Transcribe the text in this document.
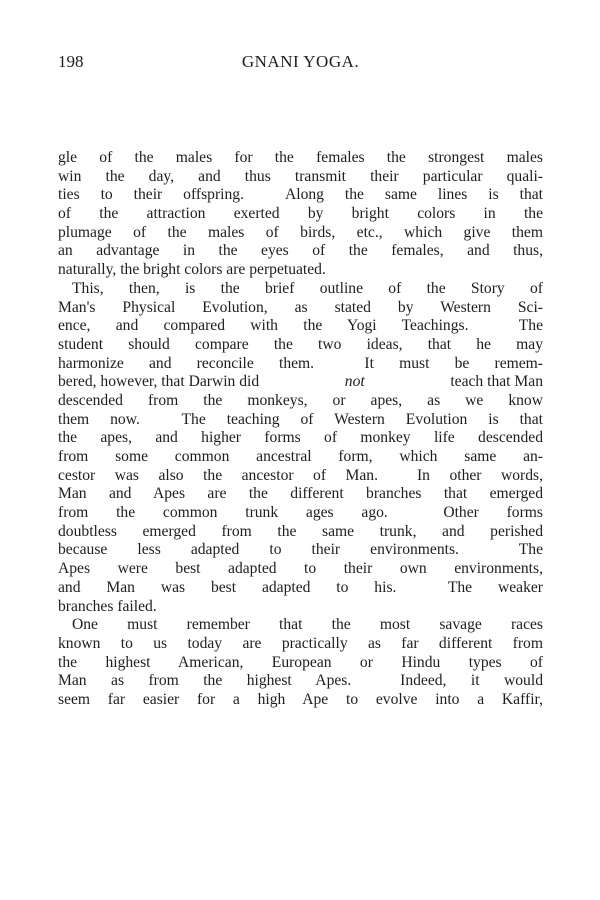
198	GNANI YOGA.
gle of the males for the females the strongest males
win the day, and thus transmit their particular quali-
ties to their offspring.  Along the same lines is that
of the attraction exerted by bright colors in the
plumage of the males of birds, etc., which give them
an advantage in the eyes of the females, and thus,
naturally, the bright colors are perpetuated.
This, then, is the brief outline of the Story of
Man's Physical Evolution, as stated by Western Sci-
ence, and compared with the Yogi Teachings.  The
student should compare the two ideas, that he may
harmonize and reconcile them.  It must be remem-
bered, however, that Darwin did	not	teach that Man
descended from the monkeys, or apes, as we know
them now.  The teaching of Western Evolution is that
the apes, and higher forms of monkey life descended
from some common ancestral form, which same an-
cestor was also the ancestor of Man.  In other words,
Man and Apes are the different branches that emerged
from the common trunk ages ago.  Other forms
doubtless emerged from the same trunk, and perished
because less adapted to their environments.  The
Apes were best adapted to their own environments,
and Man was best adapted to his.  The weaker
branches failed.
One must remember that the most savage races
known to us today are practically as far different from
the highest American, European or Hindu types of
Man as from the highest Apes.  Indeed, it would
seem far easier for a high Ape to evolve into a Kaffir,
